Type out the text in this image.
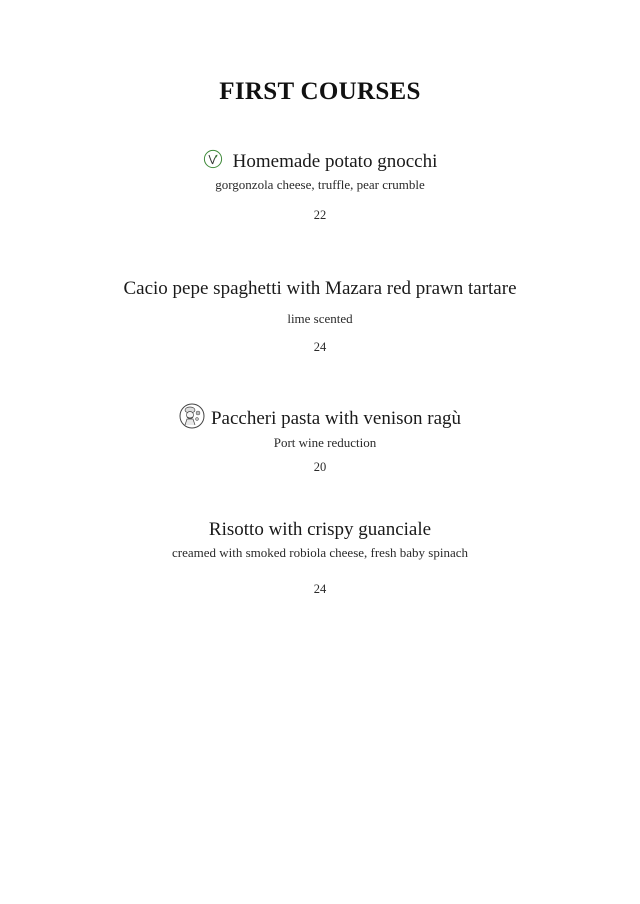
FIRST COURSES
Homemade potato gnocchi
gorgonzola cheese, truffle, pear crumble
22
Cacio pepe spaghetti with Mazara red prawn tartare
lime scented
24
Paccheri pasta with venison ragù
Port wine reduction
20
Risotto with crispy guanciale
creamed with smoked robiola cheese, fresh baby spinach
24
